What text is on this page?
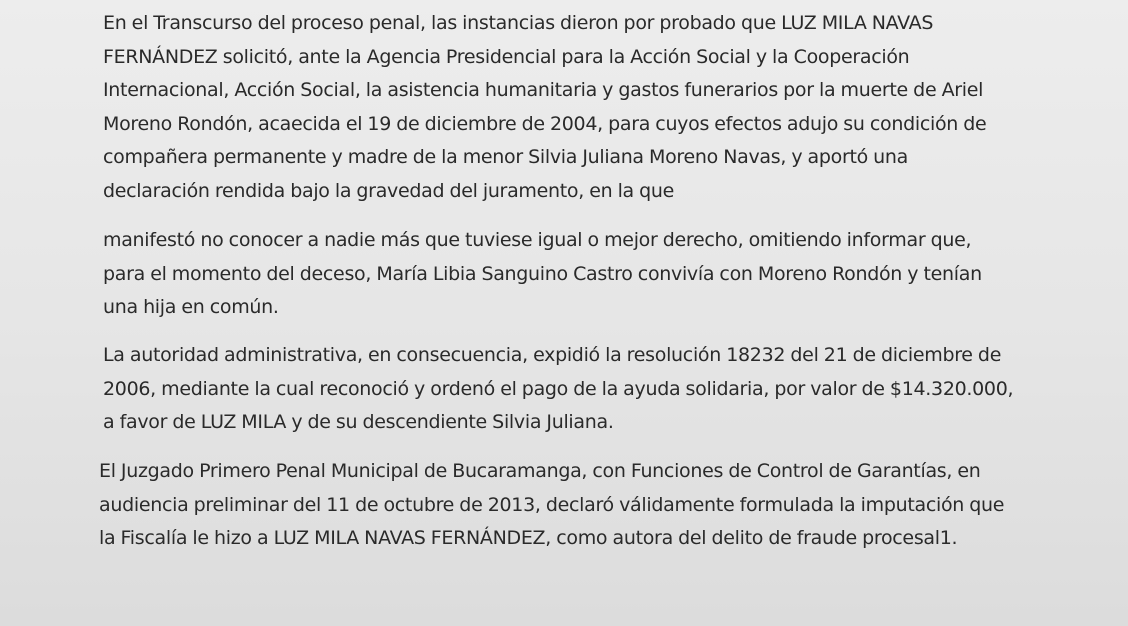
En el Transcurso del proceso penal, las instancias dieron por probado que LUZ MILA NAVAS
FERNÁNDEZ solicitó, ante la Agencia Presidencial para la Acción Social y la Cooperación
Internacional, Acción Social, la asistencia humanitaria y gastos funerarios por la muerte de Ariel
Moreno Rondón, acaecida el 19 de diciembre de 2004, para cuyos efectos adujo su condición de
compañera permanente y madre de la menor Silvia Juliana Moreno Navas, y aportó una
declaración rendida bajo la gravedad del juramento, en la que
manifestó no conocer a nadie más que tuviese igual o mejor derecho, omitiendo informar que,
para el momento del deceso, María Libia Sanguino Castro convivía con Moreno Rondón y tenían
una hija en común.
La autoridad administrativa, en consecuencia, expidió la resolución 18232 del 21 de diciembre de
2006, mediante la cual reconoció y ordenó el pago de la ayuda solidaria, por valor de $14.320.000,
a favor de LUZ MILA y de su descendiente Silvia Juliana.
El Juzgado Primero Penal Municipal de Bucaramanga, con Funciones de Control de Garantías, en
audiencia preliminar del 11 de octubre de 2013, declaró válidamente formulada la imputación que
la Fiscalía le hizo a LUZ MILA NAVAS FERNÁNDEZ, como autora del delito de fraude procesal1.
